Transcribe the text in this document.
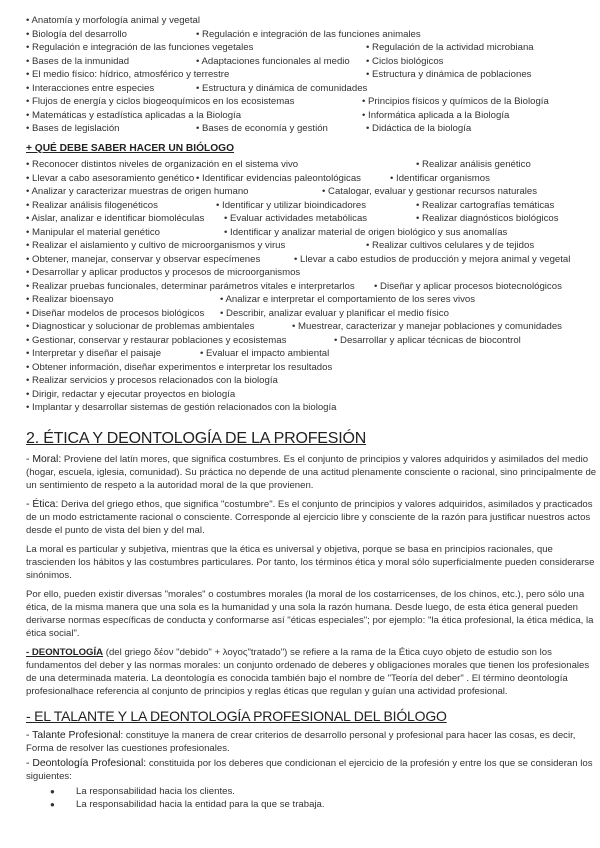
• Anatomía y morfología animal y vegetal
• Biología del desarrollo	• Regulación e integración de las funciones animales
• Regulación e integración de las funciones vegetales	• Regulación de la actividad microbiana
• Bases de la inmunidad	• Adaptaciones funcionales al medio	• Ciclos biológicos
• El medio físico: hídrico, atmosférico y terrestre	• Estructura y dinámica de poblaciones
• Interacciones entre especies	• Estructura y dinámica de comunidades
• Flujos de energía y ciclos biogeoquímicos en los ecosistemas	• Principios físicos y químicos de la Biología
• Matemáticas y estadística aplicadas a la Biología	• Informática aplicada a la Biología
• Bases de legislación	• Bases de economía y gestión	• Didáctica de la biología
+ QUÉ DEBE SABER HACER UN BIÓLOGO
• Reconocer distintos niveles de organización en el sistema vivo	• Realizar análisis genético
• Llevar a cabo asesoramiento genético • Identificar evidencias paleontológicas	• Identificar organismos
• Analizar y caracterizar muestras de origen humano	• Catalogar, evaluar y gestionar recursos naturales
• Realizar análisis filogenéticos	• Identificar y utilizar bioindicadores	• Realizar cartografías temáticas
• Aislar, analizar e identificar biomoléculas	• Evaluar actividades metabólicas	• Realizar diagnósticos biológicos
• Manipular el material genético	• Identificar y analizar material de origen biológico y sus anomalías
• Realizar el aislamiento y cultivo de microorganismos y virus	• Realizar cultivos celulares y de tejidos
• Obtener, manejar, conservar y observar especímenes	• Llevar a cabo estudios de producción y mejora animal y vegetal
• Desarrollar y aplicar productos y procesos de microorganismos
• Realizar pruebas funcionales, determinar parámetros vitales e interpretarlos	• Diseñar y aplicar procesos biotecnológicos
• Realizar bioensayo	• Analizar e interpretar el comportamiento de los seres vivos
• Diseñar modelos de procesos biológicos	• Describir, analizar evaluar y planificar el medio físico
• Diagnosticar y solucionar de problemas ambientales	• Muestrear, caracterizar y manejar poblaciones y comunidades
• Gestionar, conservar y restaurar poblaciones y ecosistemas	• Desarrollar y aplicar técnicas de biocontrol
• Interpretar y diseñar el paisaje	• Evaluar el impacto ambiental
• Obtener información, diseñar experimentos e interpretar los resultados
• Realizar servicios y procesos relacionados con la biología
• Dirigir, redactar y ejecutar proyectos en biología
• Implantar y desarrollar sistemas de gestión relacionados con la biología
2. ÉTICA Y DEONTOLOGÍA DE LA PROFESIÓN

- Moral: Proviene del latín mores, que significa costumbres. Es el conjunto de principios y valores adquiridos y asimilados del medio (hogar, escuela, iglesia, comunidad). Su práctica no depende de una actitud plenamente consciente o racional, sino principalmente de un sentimiento de respeto a la autoridad moral de la que provienen.

- Ética: Deriva del griego ethos, que significa "costumbre". Es el conjunto de principios y valores adquiridos, asimilados y practicados de un modo estrictamente racional o consciente. Corresponde al ejercicio libre y consciente de la razón para justificar nuestros actos desde el punto de vista del bien y del mal.

La moral es particular y subjetiva, mientras que la ética es universal y objetiva, porque se basa en principios racionales, que trascienden los hábitos y las costumbres particulares. Por tanto, los términos ética y moral sólo superficialmente pueden considerarse sinónimos.

Por ello, pueden existir diversas "morales" o costumbres morales (la moral de los costarricenses, de los chinos, etc.), pero sólo una ética, de la misma manera que una sola es la humanidad y una sola la razón humana. Desde luego, de esta ética general pueden derivarse normas específicas de conducta y conformarse así "éticas especiales"; por ejemplo: "la ética profesional, la ética médica, la ética social".

- DEONTOLOGÍA (del griego δέον "debido" + λογος"tratado") se refiere a la rama de la Ética cuyo objeto de estudio son los fundamentos del deber y las normas morales: un conjunto ordenado de deberes y obligaciones morales que tienen los profesionales de una determinada materia. La deontología es conocida también bajo el nombre de "Teoría del deber" . El término deontología profesionalhace referencia al conjunto de principios y reglas éticas que regulan y guían una actividad profesional.

- EL TALANTE Y LA DEONTOLOGÍA PROFESIONAL DEL BIÓLOGO

- Talante Profesional: constituye la manera de crear criterios de desarrollo personal y profesional para hacer las cosas, es decir, Forma de resolver las cuestiones profesionales.

- Deontología Profesional: constituida por los deberes que condicionan el ejercicio de la profesión y entre los que se consideran los siguientes:

● La responsabilidad hacia los clientes.
● La responsabilidad hacia la entidad para la que se trabaja.
